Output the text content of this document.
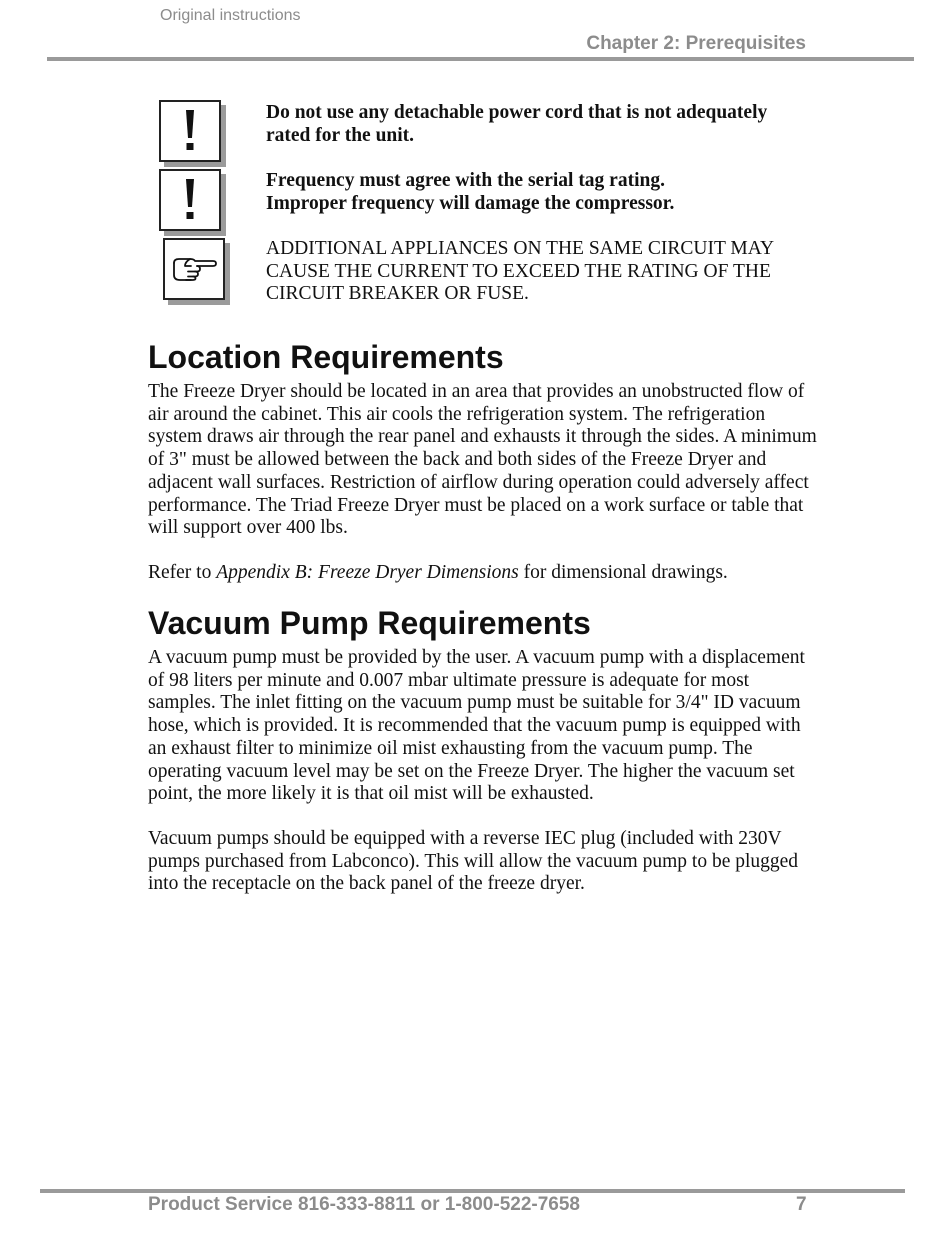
Original instructions
Chapter 2: Prerequisites
Do not use any detachable power cord that is not adequately rated for the unit.
Frequency must agree with the serial tag rating.
Improper frequency will damage the compressor.
ADDITIONAL APPLIANCES ON THE SAME CIRCUIT MAY CAUSE THE CURRENT TO EXCEED THE RATING OF THE CIRCUIT BREAKER OR FUSE.
Location Requirements

The Freeze Dryer should be located in an area that provides an unobstructed flow of air around the cabinet. This air cools the refrigeration system. The refrigeration system draws air through the rear panel and exhausts it through the sides. A minimum of 3" must be allowed between the back and both sides of the Freeze Dryer and adjacent wall surfaces. Restriction of airflow during operation could adversely affect performance. The Triad Freeze Dryer must be placed on a work surface or table that will support over 400 lbs.

Refer to Appendix B: Freeze Dryer Dimensions for dimensional drawings.

Vacuum Pump Requirements

A vacuum pump must be provided by the user. A vacuum pump with a displacement of 98 liters per minute and 0.007 mbar ultimate pressure is adequate for most samples. The inlet fitting on the vacuum pump must be suitable for 3/4" ID vacuum hose, which is provided. It is recommended that the vacuum pump is equipped with an exhaust filter to minimize oil mist exhausting from the vacuum pump. The operating vacuum level may be set on the Freeze Dryer. The higher the vacuum set point, the more likely it is that oil mist will be exhausted.

Vacuum pumps should be equipped with a reverse IEC plug (included with 230V pumps purchased from Labconco). This will allow the vacuum pump to be plugged into the receptacle on the back panel of the freeze dryer.

Product Service 816-333-8811 or 1-800-522-7658	7
